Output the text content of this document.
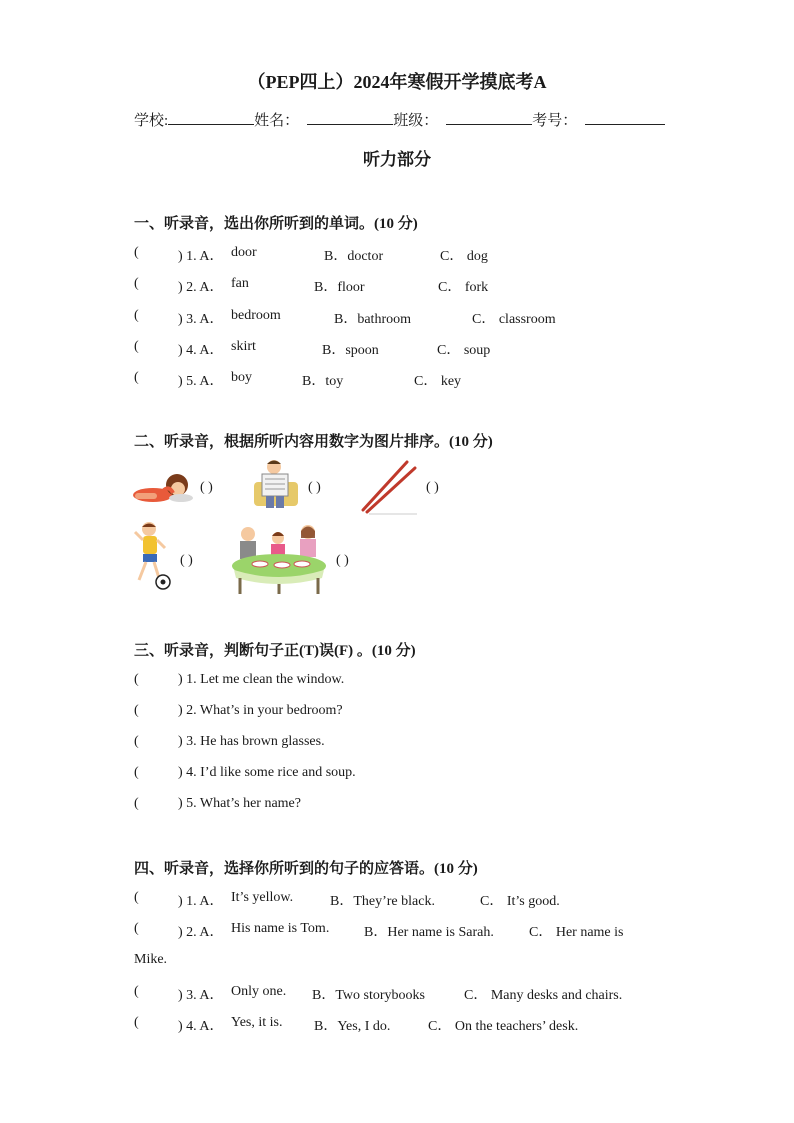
（PEP四上）2024年寒假开学摸底考A
学校:	姓名：	班级：	考号：
听力部分
一、听录音，选出你所听到的单词。(10 分)
(	) 1. A． door	B．doctor	C． dog
(	) 2. A． fan	B．floor	C． fork
(	) 3. A． bedroom	B．bathroom	C． classroom
(	) 4. A． skirt	B．spoon	C． soup
(	) 5. A． boy	B．toy	C． key
二、听录音，根据所听内容用数字为图片排序。(10 分)
( )	( )	( )
( )	( )
三、听录音，判断句子正(T)误(F) 。(10 分)
(	) 1. Let me clean the window.
(	) 2. What’s in your bedroom?
(	) 3. He has brown glasses.
(	) 4. I’d like some rice and soup.
(	) 5. What’s her name?
四、听录音，选择你所听到的句子的应答语。(10 分)
(	) 1. A． It’s yellow.	B．They’re black.	C． It’s good.
(	) 2. A． His name is Tom. B．Her name is Sarah.	C． Her name is
Mike.
(	) 3. A． Only one. B．Two storybooks	C． Many desks and chairs.
(	) 4. A． Yes, it is. B．Yes, I do.	C． On the teachers’ desk.
